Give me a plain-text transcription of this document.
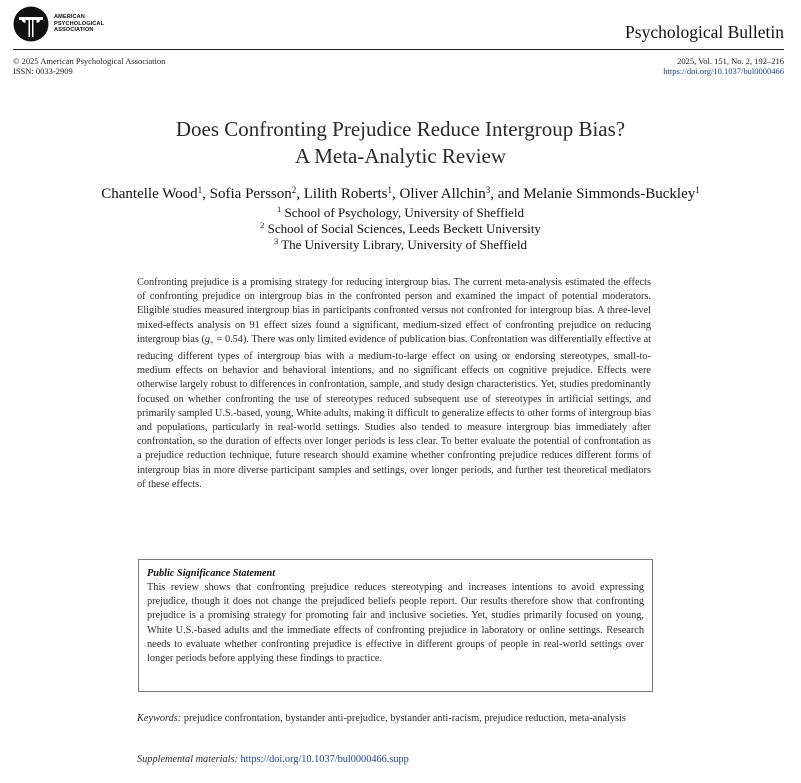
AMERICAN
PSYCHOLOGICAL
ASSOCIATION	Psychological Bulletin
© 2025 American Psychological Association
ISSN: 0033-2909
2025, Vol. 151, No. 2, 192–216
https://doi.org/10.1037/bul0000466
Does Confronting Prejudice Reduce Intergroup Bias?
A Meta-Analytic Review
Chantelle Wood$^1$, Sofia Persson$^2$, Lilith Roberts$^1$, Oliver Allchin$^3$, and Melanie Simmonds-Buckley$^1$
$^1$ School of Psychology, University of Sheffield
$^2$ School of Social Sciences, Leeds Beckett University
$^3$ The University Library, University of Sheffield

Confronting prejudice is a promising strategy for reducing intergroup bias. The current meta-analysis estimated the effects of confronting prejudice on intergroup bias in the confronted person and examined the impact of potential moderators. Eligible studies measured intergroup bias in participants confronted versus not confronted for intergroup bias. A three-level mixed-effects analysis on 91 effect sizes found a significant, medium-sized effect of confronting prejudice on reducing intergroup bias $(g_+ = 0.54)$. There was only limited evidence of publication bias. Confrontation was differentially effective at reducing different types of intergroup bias with a medium-to-large effect on using or endorsing stereotypes, small-to-medium effects on behavior and behavioral intentions, and no significant effects on cognitive prejudice. Effects were otherwise largely robust to differences in confrontation, sample, and study design characteristics. Yet, studies predominantly focused on whether confronting the use of stereotypes reduced subsequent use of stereotypes in artificial settings, and primarily sampled U.S.-based, young, White adults, making it difficult to generalize effects to other forms of intergroup bias and populations, particularly in real-world settings. Studies also tended to measure intergroup bias immediately after confrontation, so the duration of effects over longer periods is less clear. To better evaluate the potential of confrontation as a prejudice reduction technique, future research should examine whether confronting prejudice reduces different forms of intergroup bias in more diverse participant samples and settings, over longer periods, and further test theoretical mediators of these effects.

Public Significance Statement

This review shows that confronting prejudice reduces stereotyping and increases intentions to avoid expressing prejudice, though it does not change the prejudiced beliefs people report. Our results therefore show that confronting prejudice is a promising strategy for promoting fair and inclusive societies. Yet, studies primarily focused on young, White U.S.-based adults and the immediate effects of confronting prejudice in laboratory or online settings. Research needs to evaluate whether confronting prejudice is effective in different groups of people in real-world settings over longer periods before applying these findings to practice.

Keywords: prejudice confrontation, bystander anti-prejudice, bystander anti-racism, prejudice reduction, meta-analysis
Supplemental materials: https://doi.org/10.1037/bul0000466.supp
